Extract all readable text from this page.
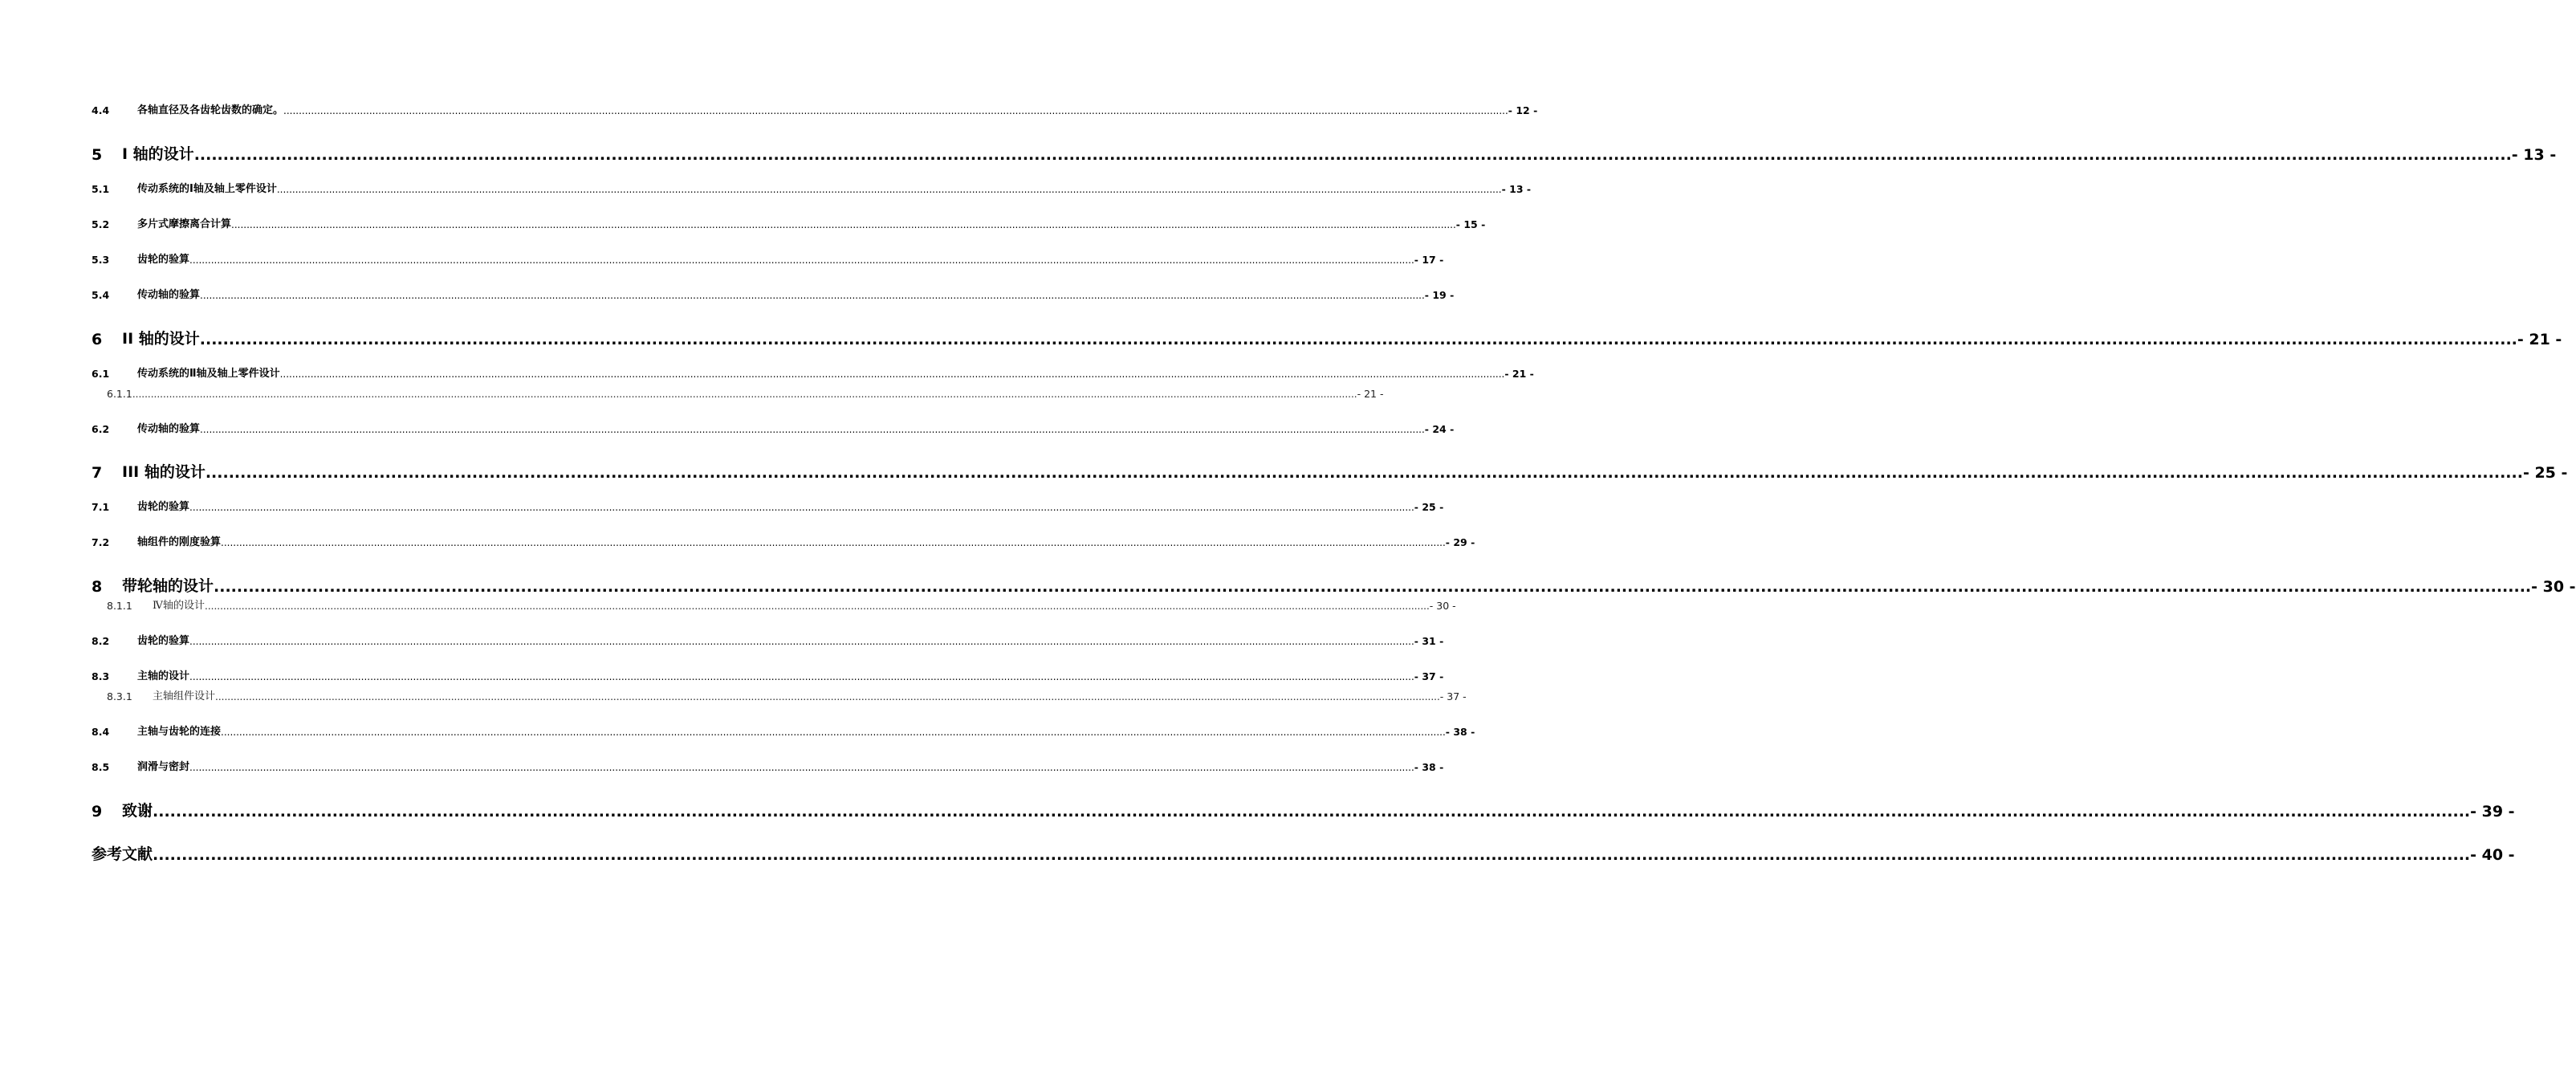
4.4	各轴直径及各齿轮齿数的确定。 ................................................................................................................................................................................................................................................................................................................................................................................................................ - 12 -
5	I 轴的设计 ................................................................................................................................................................................................................................................................................................................................................................................................................ - 13 -
5.1	传动系统的Ⅰ轴及轴上零件设计 ................................................................................................................................................................................................................................................................................................................................................................................................................ - 13 -
5.2	多片式摩擦离合计算 ................................................................................................................................................................................................................................................................................................................................................................................................................ - 15 -
5.3	齿轮的验算 ................................................................................................................................................................................................................................................................................................................................................................................................................ - 17 -
5.4	传动轴的验算 ................................................................................................................................................................................................................................................................................................................................................................................................................ - 19 -
6	II 轴的设计 ................................................................................................................................................................................................................................................................................................................................................................................................................ - 21 -
6.1	传动系统的Ⅱ轴及轴上零件设计 ................................................................................................................................................................................................................................................................................................................................................................................................................ - 21 -
6.1.1 ................................................................................................................................................................................................................................................................................................................................................................................................................ - 21 -
6.2	传动轴的验算 ................................................................................................................................................................................................................................................................................................................................................................................................................ - 24 -
7	III 轴的设计 ................................................................................................................................................................................................................................................................................................................................................................................................................ - 25 -
7.1	齿轮的验算 ................................................................................................................................................................................................................................................................................................................................................................................................................ - 25 -
7.2	轴组件的刚度验算 ................................................................................................................................................................................................................................................................................................................................................................................................................ - 29 -
8	带轮轴的设计 ................................................................................................................................................................................................................................................................................................................................................................................................................ - 30 -
8.1.1	Ⅳ轴的设计 ................................................................................................................................................................................................................................................................................................................................................................................................................ - 30 -
8.2	齿轮的验算 ................................................................................................................................................................................................................................................................................................................................................................................................................ - 31 -
8.3	主轴的设计 ................................................................................................................................................................................................................................................................................................................................................................................................................ - 37 -
8.3.1	主轴组件设计 ................................................................................................................................................................................................................................................................................................................................................................................................................ - 37 -
8.4	主轴与齿轮的连接 ................................................................................................................................................................................................................................................................................................................................................................................................................ - 38 -
8.5	润滑与密封 ................................................................................................................................................................................................................................................................................................................................................................................................................ - 38 -
9	致谢 ................................................................................................................................................................................................................................................................................................................................................................................................................ - 39 -
参考文献 ................................................................................................................................................................................................................................................................................................................................................................................................................ - 40 -
